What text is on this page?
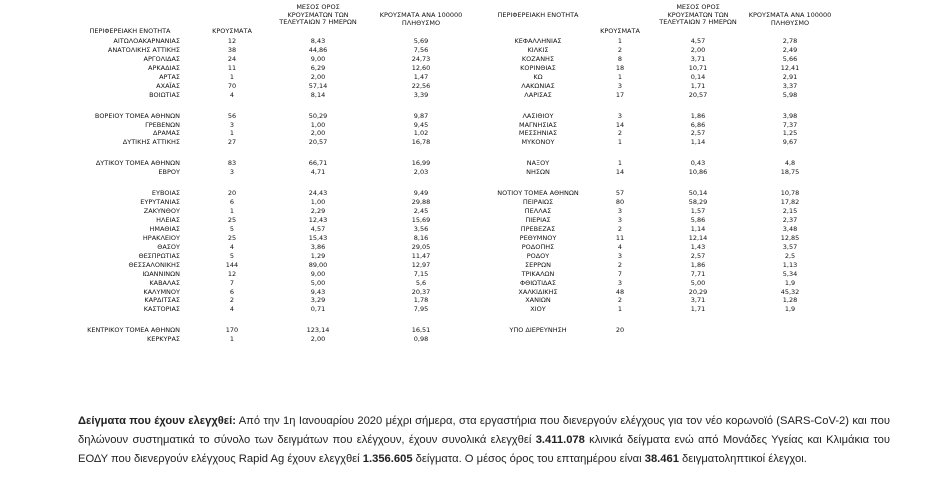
ΠΕΡΙΦΕΡΕΙΑΚΗ ΕΝΟΤΗΤΑ	ΚΡΟΥΣΜΑΤΑ
ΜΕΣΟΣ ΟΡΟΣ ΚΡΟΥΣΜΑΤΩΝ ΤΩΝ ΤΕΛΕΥΤΑΙΩΝ 7 ΗΜΕΡΩΝ
ΚΡΟΥΣΜΑΤΑ ΑΝΑ 100000 ΠΛΗΘΥΣΜΟ
ΑΙΤΩΛΟΑΚΑΡΝΑΝΙΑΣ	12	8,43	5,69
ΑΝΑΤΟΛΙΚΗΣ ΑΤΤΙΚΗΣ	38	44,86	7,56
ΑΡΓΟΛΙΔΑΣ	24	9,00	24,73
ΑΡΚΑΔΙΑΣ	11	6,29	12,60
ΑΡΤΑΣ	1	2,00	1,47
ΑΧΑΪΑΣ	70	57,14	22,56
ΒΟΙΩΤΙΑΣ	4	8,14	3,39
ΒΟΡΕΙΟΥ ΤΟΜΕΑ ΑΘΗΝΩΝ	56	50,29	9,87
ΓΡΕΒΕΝΩΝ	3	1,00	9,45
ΔΡΑΜΑΣ	1	2,00	1,02
ΔΥΤΙΚΗΣ ΑΤΤΙΚΗΣ	27	20,57	16,78
ΔΥΤΙΚΟΥ ΤΟΜΕΑ ΑΘΗΝΩΝ	83	66,71	16,99
ΕΒΡΟΥ	3	4,71	2,03
ΕΥΒΟΙΑΣ	20	24,43	9,49
ΕΥΡΥΤΑΝΙΑΣ	6	1,00	29,88
ΖΑΚΥΝΘΟΥ	1	2,29	2,45
ΗΛΕΙΑΣ	25	12,43	15,69
ΗΜΑΘΙΑΣ	5	4,57	3,56
ΗΡΑΚΛΕΙΟΥ	25	15,43	8,16
ΘΑΣΟΥ	4	3,86	29,05
ΘΕΣΠΡΩΤΙΑΣ	5	1,29	11,47
ΘΕΣΣΑΛΟΝΙΚΗΣ	144	89,00	12,97
ΙΩΑΝΝΙΝΩΝ	12	9,00	7,15
ΚΑΒΑΛΑΣ	7	5,00	5,6
ΚΑΛΥΜΝΟΥ	6	9,43	20,37
ΚΑΡΔΙΤΣΑΣ	2	3,29	1,78
ΚΑΣΤΟΡΙΑΣ	4	0,71	7,95
ΚΕΝΤΡΙΚΟΥ ΤΟΜΕΑ ΑΘΗΝΩΝ	170	123,14	16,51
ΚΕΡΚΥΡΑΣ	1	2,00	0,98
ΠΕΡΙΦΕΡΕΙΑΚΗ ΕΝΟΤΗΤΑ
ΚΡΟΥΣΜΑΤΑ
ΜΕΣΟΣ ΟΡΟΣ ΚΡΟΥΣΜΑΤΩΝ ΤΩΝ ΤΕΛΕΥΤΑΙΩΝ 7 ΗΜΕΡΩΝ
ΚΡΟΥΣΜΑΤΑ ΑΝΑ 100000 ΠΛΗΘΥΣΜΟ
ΚΕΦΑΛΛΗΝΙΑΣ	1	4,57	2,78
ΚΙΛΚΙΣ	2	2,00	2,49
ΚΟΖΑΝΗΣ	8	3,71	5,66
ΚΟΡΙΝΘΙΑΣ	18	10,71	12,41
ΚΩ	1	0,14	2,91
ΛΑΚΩΝΙΑΣ	3	1,71	3,37
ΛΑΡΙΣΑΣ	17	20,57	5,98
ΛΑΣΙΘΙΟΥ	3	1,86	3,98
ΜΑΓΝΗΣΙΑΣ	14	6,86	7,37
ΜΕΣΣΗΝΙΑΣ	2	2,57	1,25
ΜΥΚΟΝΟΥ	1	1,14	9,67
ΝΑΞΟΥ	1	0,43	4,8
ΝΗΣΩΝ	14	10,86	18,75
ΝΟΤΙΟΥ ΤΟΜΕΑ ΑΘΗΝΩΝ	57	50,14	10,78
ΠΕΙΡΑΙΩΣ	80	58,29	17,82
ΠΕΛΛΑΣ	3	1,57	2,15
ΠΙΕΡΙΑΣ	3	5,86	2,37
ΠΡΕΒΕΖΑΣ	2	1,14	3,48
ΡΕΘΥΜΝΟΥ	11	12,14	12,85
ΡΟΔΟΠΗΣ	4	1,43	3,57
ΡΟΔΟΥ	3	2,57	2,5
ΣΕΡΡΩΝ	2	1,86	1,13
ΤΡΙΚΑΛΩΝ	7	7,71	5,34
ΦΘΙΩΤΙΔΑΣ	3	5,00	1,9
ΧΑΛΚΙΔΙΚΗΣ	48	20,29	45,32
ΧΑΝΙΩΝ	2	3,71	1,28
ΧΙΟΥ	1	1,71	1,9
ΥΠΟ ΔΙΕΡΕΥΝΗΣΗ	20
Δείγματα που έχουν ελεγχθεί: Από την 1η Ιανουαρίου 2020 μέχρι σήμερα, στα εργαστήρια που διενεργούν ελέγχους για τον νέο κορωνοϊό (SARS-CoV-2) και που δηλώνουν συστηματικά το σύνολο των δειγμάτων που ελέγχουν, έχουν συνολικά ελεγχθεί 3.411.078 κλινικά δείγματα ενώ από Μονάδες Υγείας και Κλιμάκια του ΕΟΔΥ που διενεργούν ελέγχους Rapid Ag έχουν ελεγχθεί 1.356.605 δείγματα. Ο μέσος όρος του επταημέρου είναι 38.461 δειγματοληπτικοί έλεγχοι.
